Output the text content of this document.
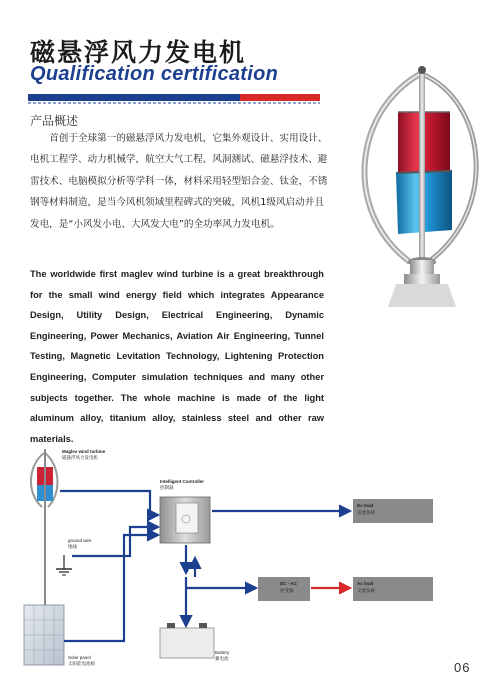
磁悬浮风力发电机
Qualification certification
产品概述
首创于全球第一的磁悬浮风力发电机，它集外观设计、实用设计、电机工程学、动力机械学，航空大气工程、风洞测试、磁悬浮技术、避雷技术、电脑模拟分析等学科一体，材料采用轻型铝合金、钛金，不锈钢等材料制造，是当今风机领域里程碑式的突破，风机1级风启动并且发电，是“小风发小电、大风发大电”的全功率风力发电机。
The worldwide first maglev wind turbine is a great breakthrough for the small wind energy field which integrates Appearance Design, Utility Design, Electrical Engineering, Dynamic Engineering, Power Mechanics, Aviation Air Engineering, Tunnel Testing, Magnetic Levitation Technology, Lightening Protection Engineering, Computer simulation techniques and many other subjects together. The whole machine is made of the light aluminum alloy, titanium alloy, stainless steel and other raw materials.
Maglev wind turbine
磁悬浮风力发电机
ground wire
地线
Intelligent Controller
控制器
Dc load
直流负载
DC - AC
逆变器
Ac load
交流负载
Battery
蓄电池
Solar panel
太阳能电池板	06
